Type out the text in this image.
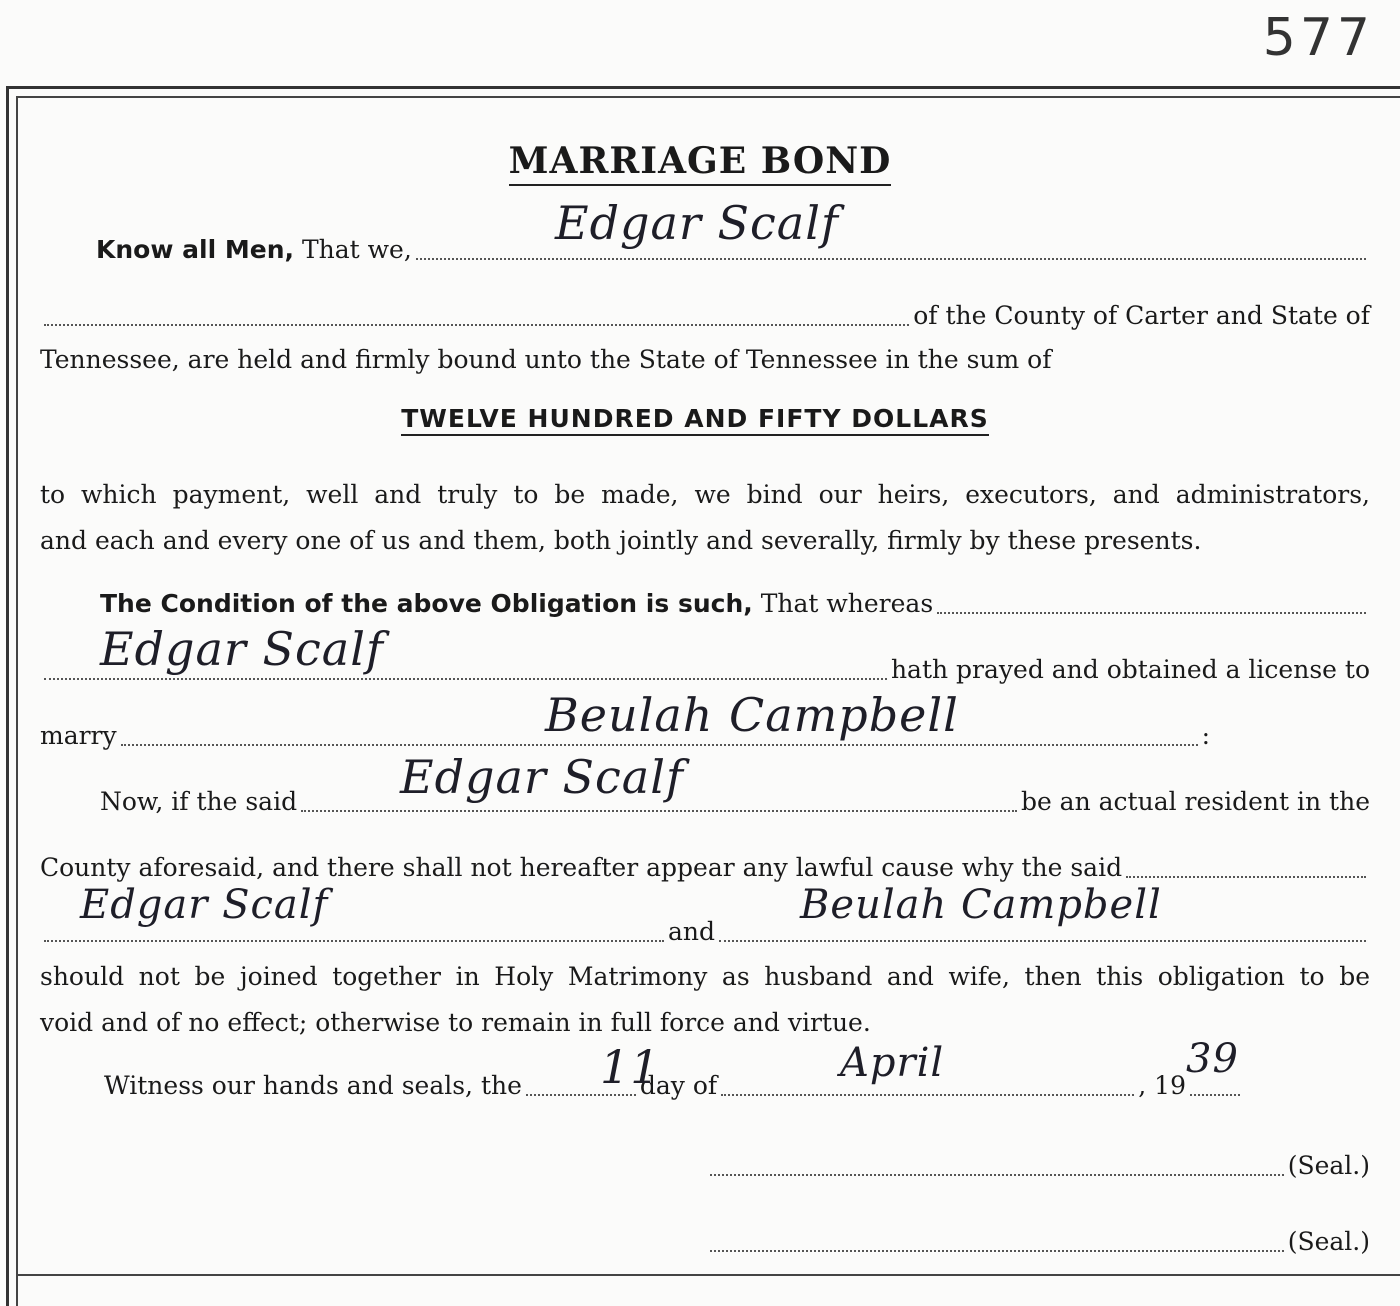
577
MARRIAGE BOND
Know all Men,
That we,	Edgar Scalf
of the County of Carter and State of
Tennessee, are held and firmly bound unto the State of Tennessee in the sum of
TWELVE HUNDRED AND FIFTY DOLLARS
to which payment, well and truly to be made, we bind our heirs, executors, and administrators,
and each and every one of us and them, both jointly and severally, firmly by these presents.
The Condition of the above Obligation is such,
That whereas
hath prayed and obtained a license to
Edgar Scalf
marry	:
Beulah Campbell
Now, if the said	be an actual resident in the
Edgar Scalf
County aforesaid, and there shall not hereafter appear any lawful cause why the said
and
Edgar Scalf	Beulah Campbell
should not be joined together in Holy Matrimony as husband and wife, then this obligation to be
void and of no effect; otherwise to remain in full force and virtue.
Witness our hands and seals, the	day of	, 19
11	April	39
(Seal.)
(Seal.)
